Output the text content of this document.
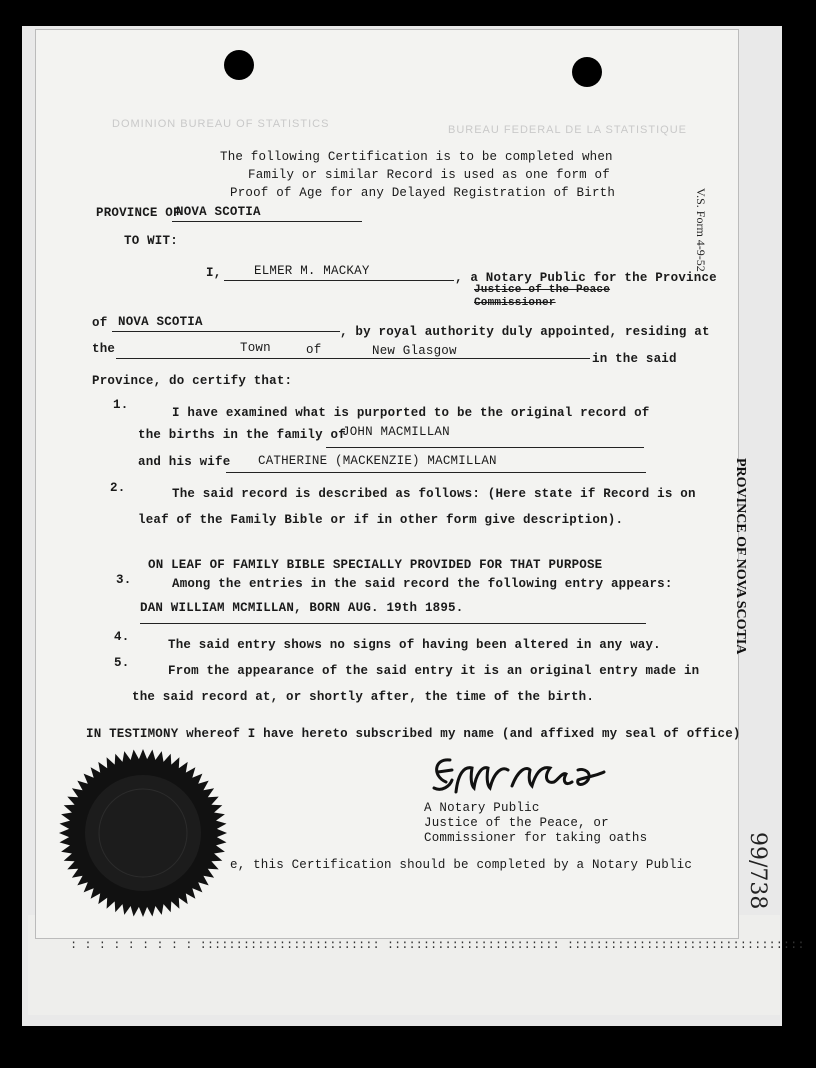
: : : : : : : : : ::::::::::::::::::::::::: :::::::::::::::::::::::: :::::::::::::::::::::::::::::::::
DOMINION BUREAU OF STATISTICS	BUREAU FEDERAL DE LA STATISTIQUE
V.S. Form 4-9-52
PROVINCE OF NOVA SCOTIA
99/738
The following Certification is to be completed when
Family or similar Record is used as one form of
Proof of Age for any Delayed Registration of Birth
PROVINCE OF
NOVA SCOTIA
TO WIT:
I,	ELMER M. MACKAY	, a Notary Public for the Province
Justice of the Peace
Commissioner
of NOVA SCOTIA
, by royal authority duly appointed, residing at
the	Town	of	New Glasgow
in the said
Province, do certify that:
1.
I have examined what is purported to be the original record of
the births in the family of
JOHN MACMILLAN
and his wife CATHERINE (MACKENZIE) MACMILLAN
2.	The said record is described as follows: (Here state if Record is on
leaf of the Family Bible or if in other form give description).
ON LEAF OF FAMILY BIBLE SPECIALLY PROVIDED FOR THAT PURPOSE
3.	Among the entries in the said record the following entry appears:
DAN WILLIAM MCMILLAN, BORN AUG. 19th 1895.
4.
The said entry shows no signs of having been altered in any way.
5.
From the appearance of the said entry it is an original entry made in
the said record at, or shortly after, the time of the birth.
IN TESTIMONY whereof I have hereto subscribed my name (and affixed my seal of office)
A Notary Public
Justice of the Peace, or
Commissioner for taking oaths
e, this Certification should be completed by a Notary Public
